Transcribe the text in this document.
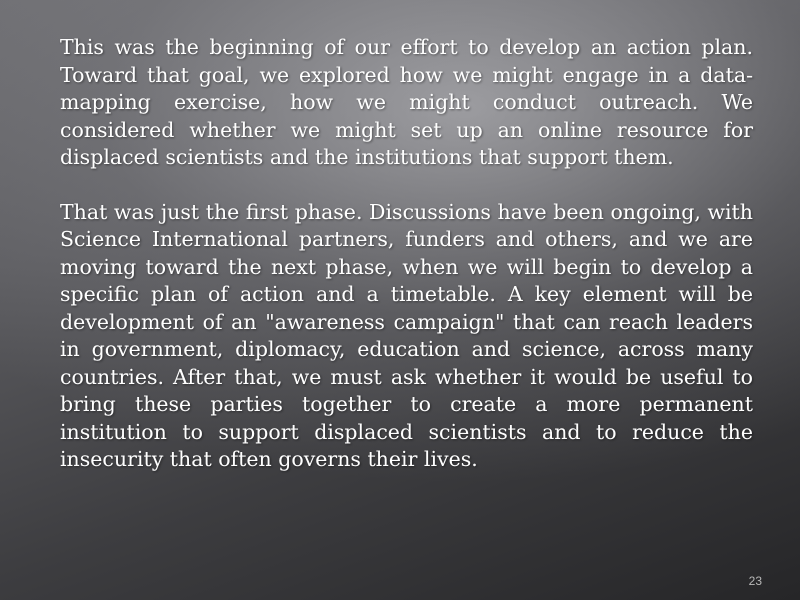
This was the beginning of our effort to develop an action plan. Toward that goal, we explored how we might engage in a data-mapping exercise, how we might conduct outreach. We considered whether we might set up an online resource for displaced scientists and the institutions that support them.

That was just the first phase. Discussions have been ongoing, with Science International partners, funders and others, and we are moving toward the next phase, when we will begin to develop a specific plan of action and a timetable. A key element will be development of an "awareness campaign" that can reach leaders in government, diplomacy, education and science, across many countries. After that, we must ask whether it would be useful to bring these parties together to create a more permanent institution to support displaced scientists and to reduce the insecurity that often governs their lives.

23
